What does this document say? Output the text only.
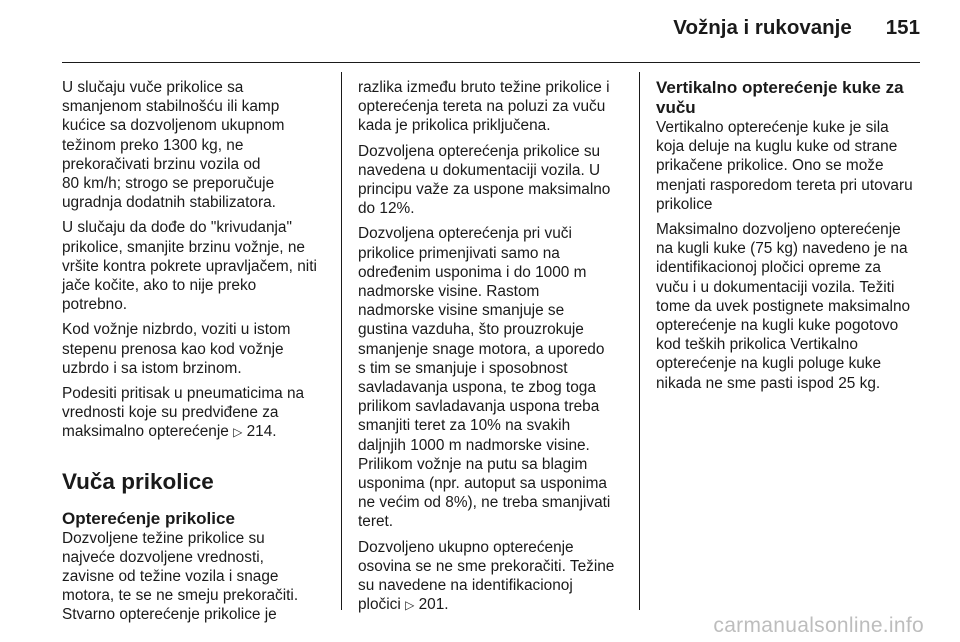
Vožnja i rukovanje 151

U slučaju vuče prikolice sa
smanjenom stabilnošću ili kamp
kućice sa dozvoljenom ukupnom
težinom preko 1300 kg, ne
prekoračivati brzinu vozila od
80 km/h; strogo se preporučuje
ugradnja dodatnih stabilizatora.

U slučaju da dođe do "krivudanja"
prikolice, smanjite brzinu vožnje, ne
vršite kontra pokrete upravljačem, niti
jače kočite, ako to nije preko
potrebno.

Kod vožnje nizbrdo, voziti u istom
stepenu prenosa kao kod vožnje
uzbrdo i sa istom brzinom.

Podesiti pritisak u pneumaticima na
vrednosti koje su predviđene za
maksimalno opterećenje ▷ 214.

Vuča prikolice
Opterećenje prikolice

Dozvoljene težine prikolice su
najveće dozvoljene vrednosti,
zavisne od težine vozila i snage
motora, te se ne smeju prekoračiti.
Stvarno opterećenje prikolice je

razlika između bruto težine prikolice i
opterećenja tereta na poluzi za vuču
kada je prikolica priključena.

Dozvoljena opterećenja prikolice su
navedena u dokumentaciji vozila. U
principu važe za uspone maksimalno
do 12%.

Dozvoljena opterećenja pri vuči
prikolice primenjivati samo na
određenim usponima i do 1000 m
nadmorske visine. Rastom
nadmorske visine smanjuje se
gustina vazduha, što prouzrokuje
smanjenje snage motora, a uporedo
s tim se smanjuje i sposobnost
savladavanja uspona, te zbog toga
prilikom savladavanja uspona treba
smanjiti teret za 10% na svakih
daljnjih 1000 m nadmorske visine.
Prilikom vožnje na putu sa blagim
usponima (npr. autoput sa usponima
ne većim od 8%), ne treba smanjivati
teret.

Dozvoljeno ukupno opterećenje
osovina se ne sme prekoračiti. Težine
su navedene na identifikacionoj
pločici ▷ 201.

Vertikalno opterećenje kuke za
vuču

Vertikalno opterećenje kuke je sila
koja deluje na kuglu kuke od strane
prikačene prikolice. Ono se može
menjati rasporedom tereta pri utovaru
prikolice

Maksimalno dozvoljeno opterećenje
na kugli kuke (75 kg) navedeno je na
identifikacionoj pločici opreme za
vuču i u dokumentaciji vozila. Težiti
tome da uvek postignete maksimalno
opterećenje na kugli kuke pogotovo
kod teških prikolica Vertikalno
opterećenje na kugli poluge kuke
nikada ne sme pasti ispod 25 kg.

carmanualsonline.info
